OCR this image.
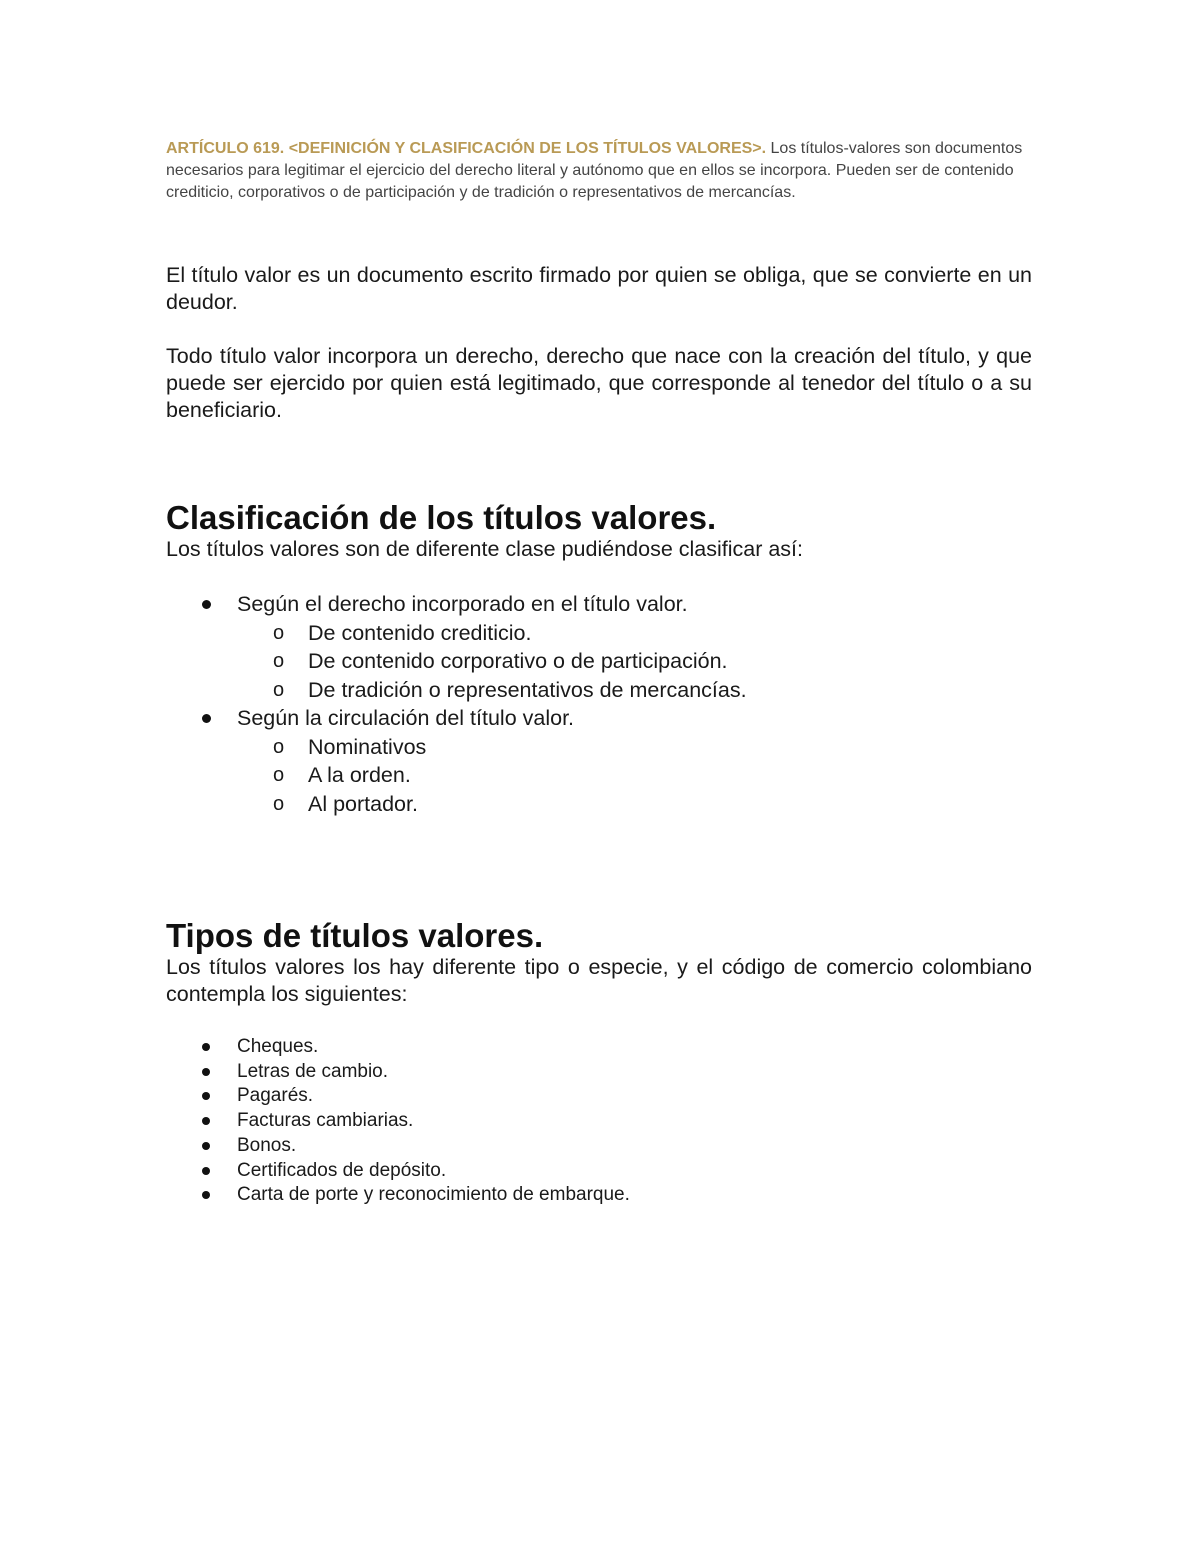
ARTÍCULO 619. <DEFINICIÓN Y CLASIFICACIÓN DE LOS TÍTULOS VALORES>. Los títulos-valores son documentos necesarios para legitimar el ejercicio del derecho literal y autónomo que en ellos se incorpora. Pueden ser de contenido crediticio, corporativos o de participación y de tradición o representativos de mercancías.

El título valor es un documento escrito firmado por quien se obliga, que se convierte en un deudor.

Todo título valor incorpora un derecho, derecho que nace con la creación del título, y que puede ser ejercido por quien está legitimado, que corresponde al tenedor del título o a su beneficiario.

Clasificación de los títulos valores.

Los títulos valores son de diferente clase pudiéndose clasificar así:

Según el derecho incorporado en el título valor.
o De contenido crediticio.
o De contenido corporativo o de participación.
o De tradición o representativos de mercancías.
Según la circulación del título valor.
o Nominativos
o A la orden.
o Al portador.
Tipos de títulos valores.

Los títulos valores los hay diferente tipo o especie, y el código de comercio colombiano contempla los siguientes:

Cheques.
Letras de cambio.
Pagarés.
Facturas cambiarias.
Bonos.
Certificados de depósito.
Carta de porte y reconocimiento de embarque.
